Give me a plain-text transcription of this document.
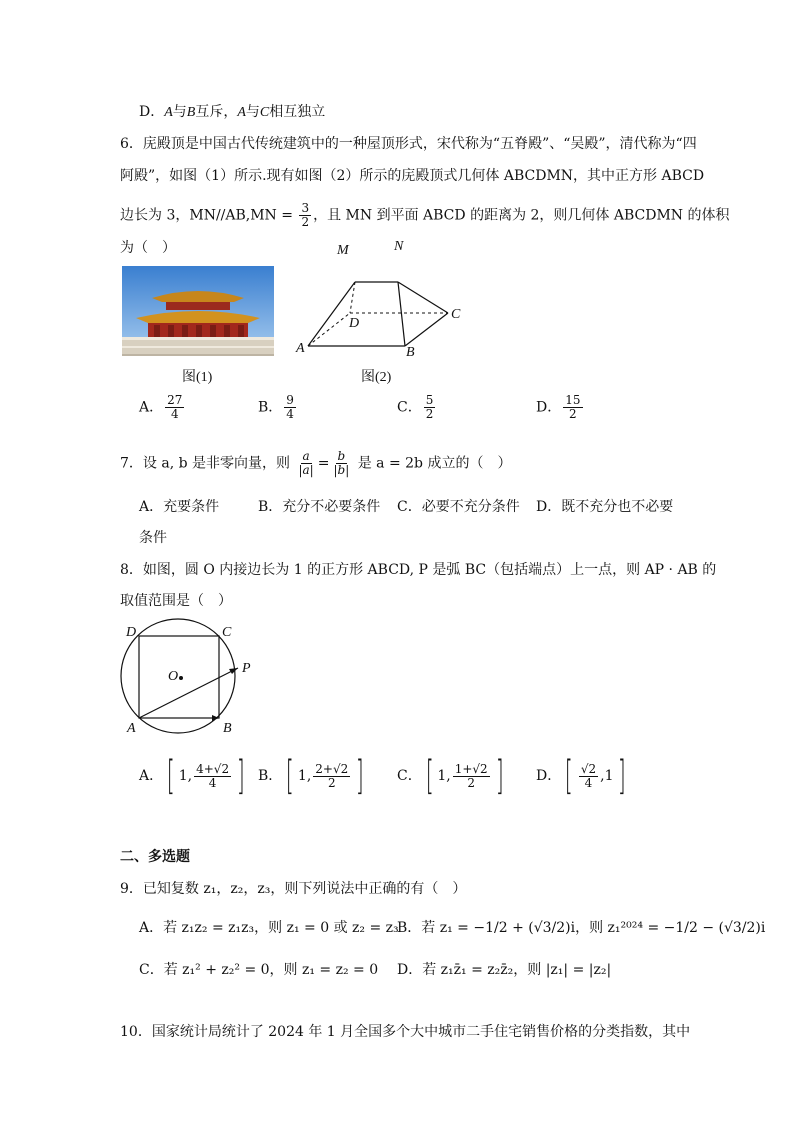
D．A与B互斥，A与C相互独立
6．庑殿顶是中国古代传统建筑中的一种屋顶形式，宋代称为“五脊殿”、“吴殿”，清代称为“四
阿殿”，如图（1）所示.现有如图（2）所示的庑殿顶式几何体 ABCDMN，其中正方形 ABCD
边长为 3，$MN//AB,MN = \frac{3}{2}$ ，且 MN 到平面 ABCD 的距离为 2，则几何体 ABCDMN 的体积
为（　）	M	N
D
C
A	B
图(1)	图(2)
A． $\frac{27}{4}$	B． $\frac{9}{4}$	C． $\frac{5}{2}$	D． $\frac{15}{2}$
7．设 a, b 是非零向量，则 $\frac{a}{|a|} = \frac{b}{|b|}$ 是 a = 2b 成立的（　）
A．充要条件	B．充分不必要条件 C．必要不充分条件 D．既不充分也不必要
条件
8．如图，圆 O 内接边长为 1 的正方形 ABCD, P 是弧 BC（包括端点）上一点，则 AP · AB 的
取值范围是（　）
D	C
O
P
A	B
A． [ 1 , $\frac{4+√2}{4}$ ] B． [ 1 , $\frac{2+√2}{2}$ ] C． [ 1 , $\frac{1+√2}{2}$ ] D． [ $\frac{√2}{4}$ , 1 ]
二、多选题
9．已知复数 z₁，z₂，z₃，则下列说法中正确的有（　）
A．若 z₁z₂ = z₁z₃，则 z₁ = 0 或 z₂ = z₃
B．若 z₁ = −1/2 + (√3/2)i，则 z₁²⁰²⁴ = −1/2 − (√3/2)i
C．若 z₁² + z₂² = 0，则 z₁ = z₂ = 0 D．若 z₁z̄₁ = z₂z̄₂，则 |z₁| = |z₂|
10．国家统计局统计了 2024 年 1 月全国多个大中城市二手住宅销售价格的分类指数，其中
